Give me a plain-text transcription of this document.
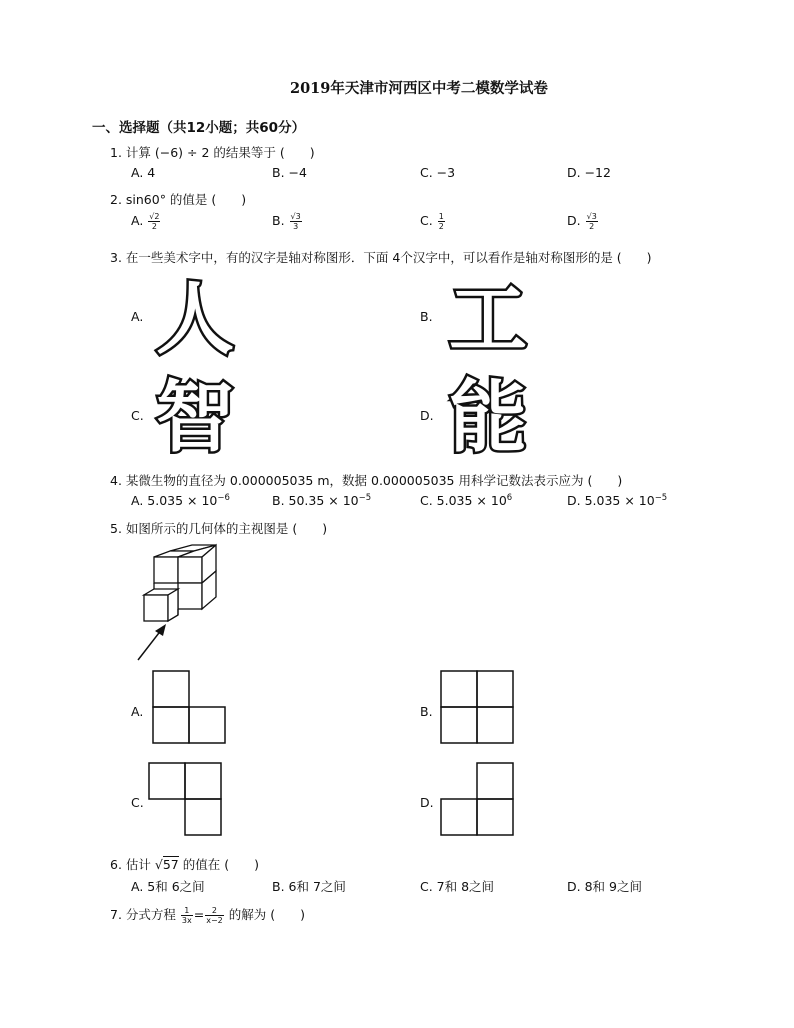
2019年天津市河西区中考二模数学试卷
一、选择题（共12小题；共60分）
1. 计算 (−6) ÷ 2 的结果等于 (　　)
A. 4	B. −4	C. −3	D. −12
2. sin60° 的值是 (　　)
A. $\frac{√2}{2}$	B. $\frac{√3}{3}$	C. $\frac{1}{2}$	D. $\frac{√3}{2}$
3. 在一些美术字中，有的汉字是轴对称图形．下面 4个汉字中，可以看作是轴对称图形的是 (　　)
A. 人	B. 工
C. 智	D. 能
4. 某微生物的直径为 0.000005035 m，数据 0.000005035 用科学记数法表示应为 (　　)
A. $5.035 \times 10^{-6}$	B. $50.35 \times 10^{-5}$	C. $5.035 \times 10^6$	D. $5.035 \times 10^{-5}$
5. 如图所示的几何体的主视图是 (　　)
A.	B.
C.	D.
6. 估计 √57 的值在 (　　)
A. 5和 6之间	B. 6和 7之间	C. 7和 8之间	D. 8和 9之间
7. 分式方程 $\frac{1}{3x} = \frac{2}{x-2}$ 的解为 (　　)
